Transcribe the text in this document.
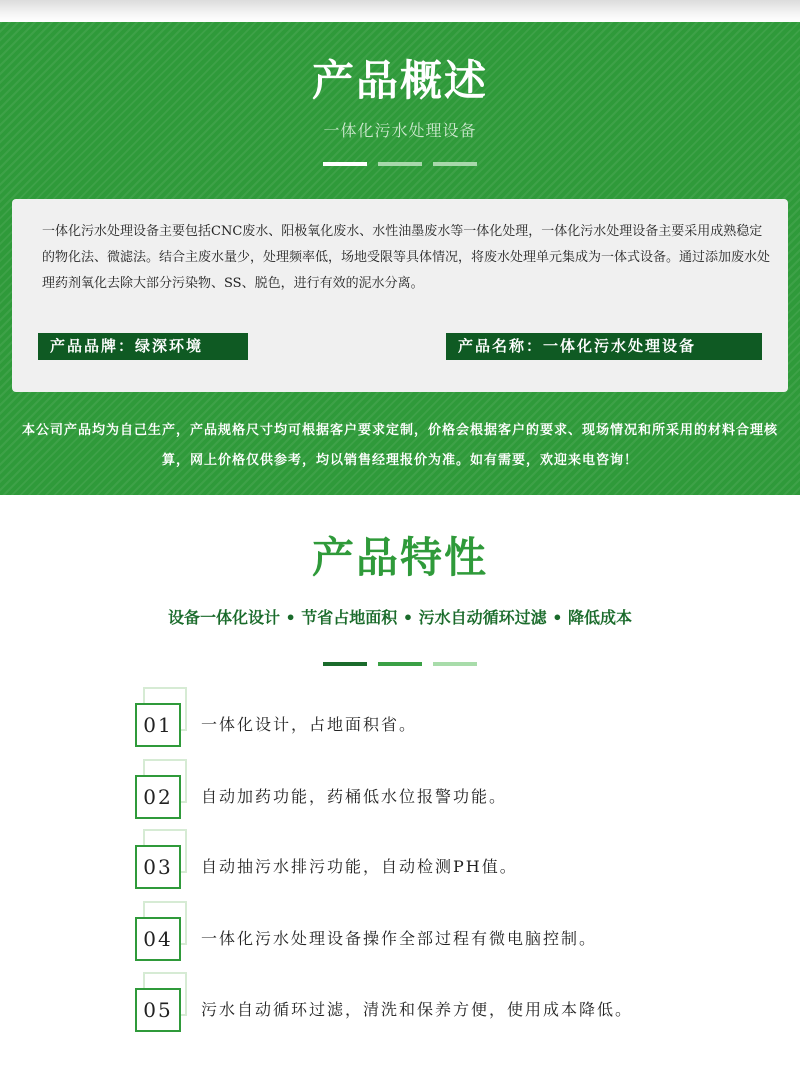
产品概述
一体化污水处理设备

一体化污水处理设备主要包括CNC废水、阳极氧化废水、水性油墨废水等一体化处理，一体化污水处理设备主要采用成熟稳定的物化法、微滤法。结合主废水量少，处理频率低，场地受限等具体情况，将废水处理单元集成为一体式设备。通过添加废水处理药剂氧化去除大部分污染物、SS、脱色，进行有效的泥水分离。

产品品牌：绿深环境	产品名称：一体化污水处理设备

本公司产品均为自己生产，产品规格尺寸均可根据客户要求定制，价格会根据客户的要求、现场情况和所采用的材料合理核算，网上价格仅供参考，均以销售经理报价为准。如有需要，欢迎来电咨询！

产品特性
设备一体化设计 • 节省占地面积 • 污水自动循环过滤 • 降低成本
01	一体化设计，占地面积省。
02	自动加药功能，药桶低水位报警功能。
03	自动抽污水排污功能，自动检测PH值。
04	一体化污水处理设备操作全部过程有微电脑控制。
05	污水自动循环过滤，清洗和保养方便，使用成本降低。
